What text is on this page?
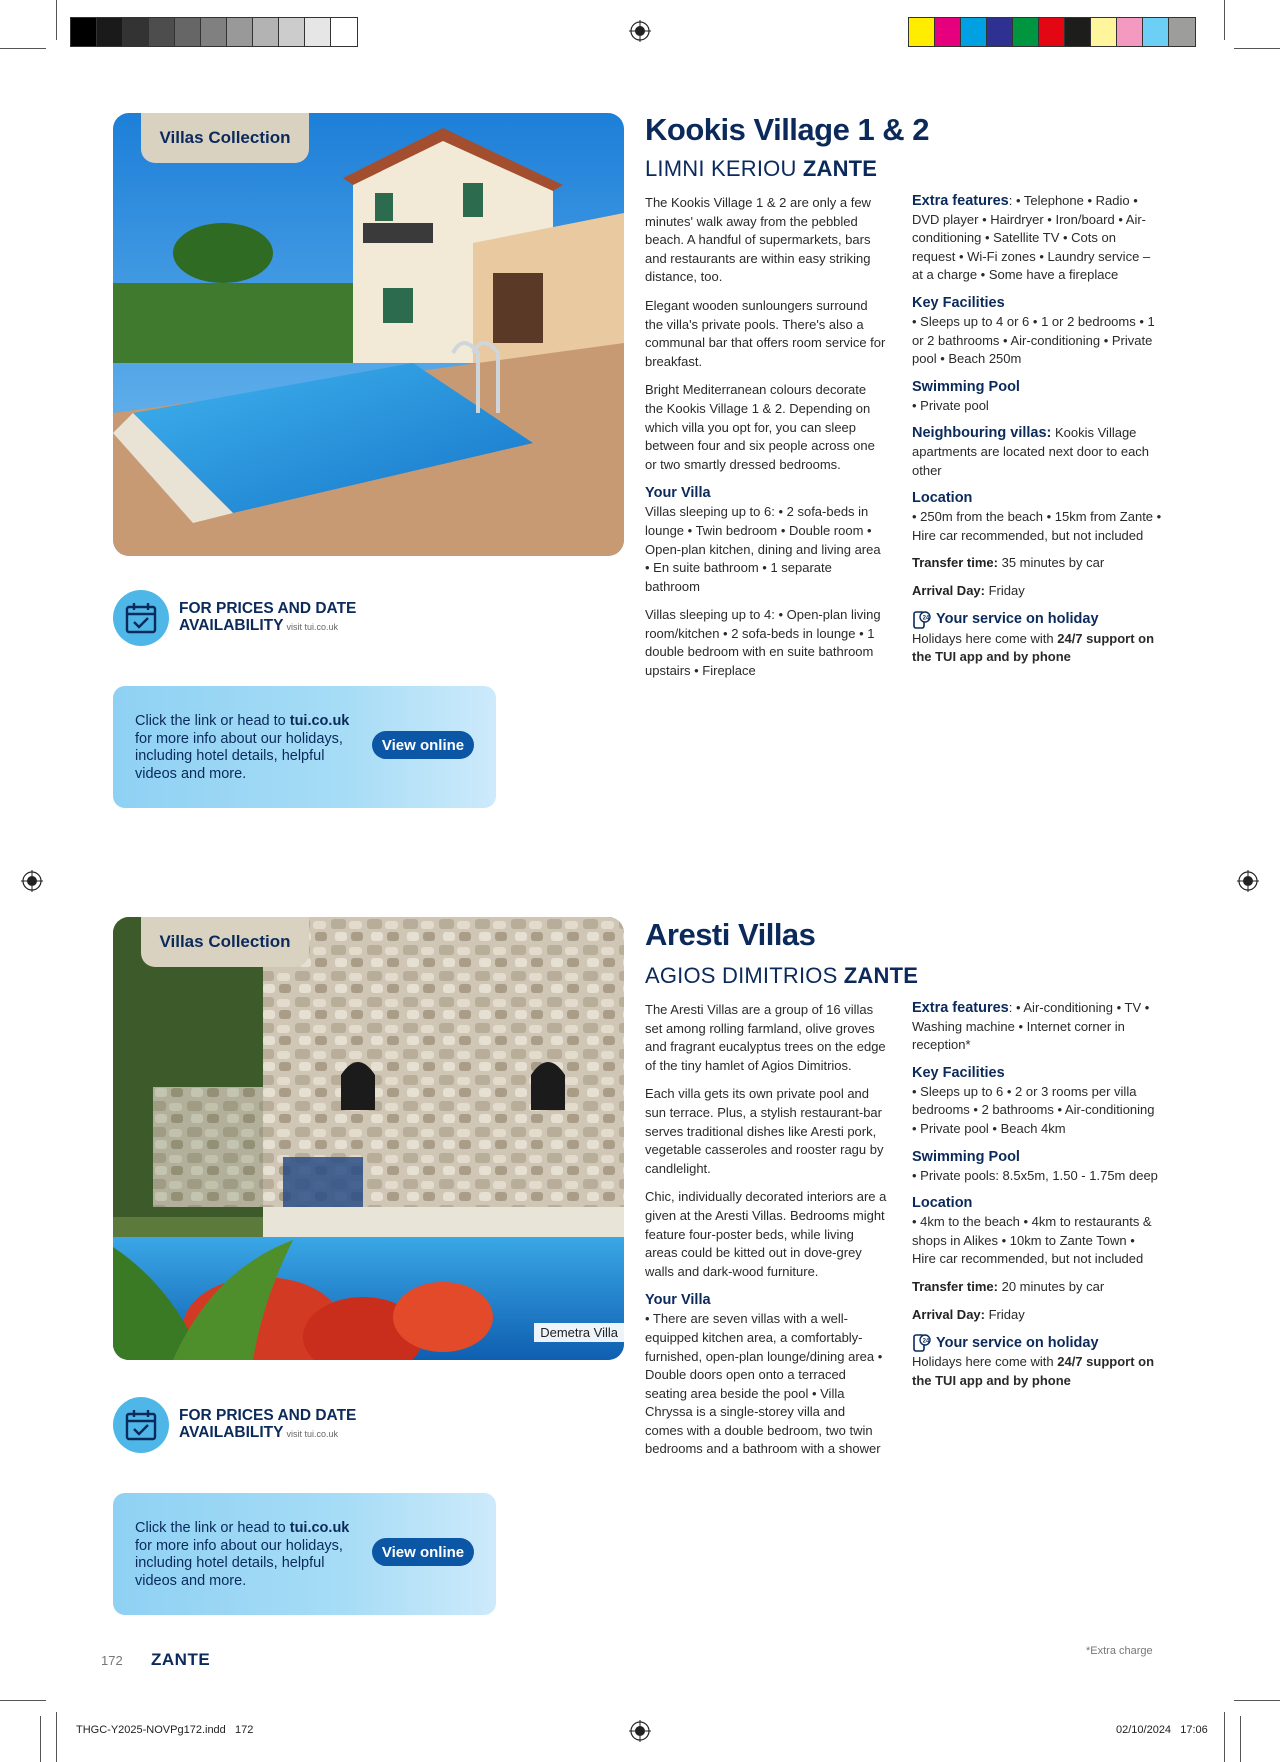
Villas Collection	Kookis Village 1 & 2
LIMNI KERIOU ZANTE

The Kookis Village 1 & 2 are only a few minutes' walk away from the pebbled beach. A handful of supermarkets, bars and restaurants are within easy striking distance, too.

Elegant wooden sunloungers surround the villa's private pools. There's also a communal bar that offers room service for breakfast.

Bright Mediterranean colours decorate the Kookis Village 1 & 2. Depending on which villa you opt for, you can sleep between four and six people across one or two smartly dressed bedrooms.

Your Villa

Villas sleeping up to 6: • 2 sofa-beds in lounge • Twin bedroom • Double room • Open-plan kitchen, dining and living area • En suite bathroom • 1 separate bathroom

Villas sleeping up to 4: • Open-plan living room/kitchen • 2 sofa-beds in lounge • 1 double bedroom with en suite bathroom upstairs • Fireplace

Extra features: • Telephone • Radio • DVD player • Hairdryer • Iron/board • Air-conditioning • Satellite TV • Cots on request • Wi-Fi zones • Laundry service – at a charge • Some have a fireplace
Key Facilities
• Sleeps up to 4 or 6 • 1 or 2 bedrooms • 1 or 2 bathrooms • Air-conditioning • Private pool • Beach 250m
Swimming Pool
• Private pool
Neighbouring villas: Kookis Village apartments are located next door to each other
Location
• 250m from the beach • 15km from Zante • Hire car recommended, but not included
Transfer time: 35 minutes by car
Arrival Day: Friday
24 Your service on holiday
Holidays here come with 24/7 support on the TUI app and by phone
FOR PRICES AND DATE
AVAILABILITY visit tui.co.uk
Click the link or head to tui.co.uk for more info about our holidays, including hotel details, helpful videos and more.
View online
Villas Collection
Demetra Villa
Aresti Villas
AGIOS DIMITRIOS ZANTE

The Aresti Villas are a group of 16 villas set among rolling farmland, olive groves and fragrant eucalyptus trees on the edge of the tiny hamlet of Agios Dimitrios.

Each villa gets its own private pool and sun terrace. Plus, a stylish restaurant-bar serves traditional dishes like Aresti pork, vegetable casseroles and rooster ragu by candlelight.

Chic, individually decorated interiors are a given at the Aresti Villas. Bedrooms might feature four-poster beds, while living areas could be kitted out in dove-grey walls and dark-wood furniture.

Your Villa

• There are seven villas with a well-equipped kitchen area, a comfortably-furnished, open-plan lounge/dining area • Double doors open onto a terraced seating area beside the pool • Villa Chryssa is a single-storey villa and comes with a double bedroom, two twin bedrooms and a bathroom with a shower

Extra features: • Air-conditioning • TV • Washing machine • Internet corner in reception*
Key Facilities
• Sleeps up to 6 • 2 or 3 rooms per villa bedrooms • 2 bathrooms • Air-conditioning • Private pool • Beach 4km
Swimming Pool
• Private pools: 8.5x5m, 1.50 - 1.75m deep
Location
• 4km to the beach • 4km to restaurants & shops in Alikes • 10km to Zante Town • Hire car recommended, but not included
Transfer time: 20 minutes by car
Arrival Day: Friday
24 Your service on holiday
Holidays here come with 24/7 support on the TUI app and by phone
FOR PRICES AND DATE
AVAILABILITY visit tui.co.uk
Click the link or head to tui.co.uk for more info about our holidays, including hotel details, helpful videos and more.
View online
172 ZANTE	*Extra charge
THGC-Y2025-NOVPg172.indd   172	02/10/2024   17:06
